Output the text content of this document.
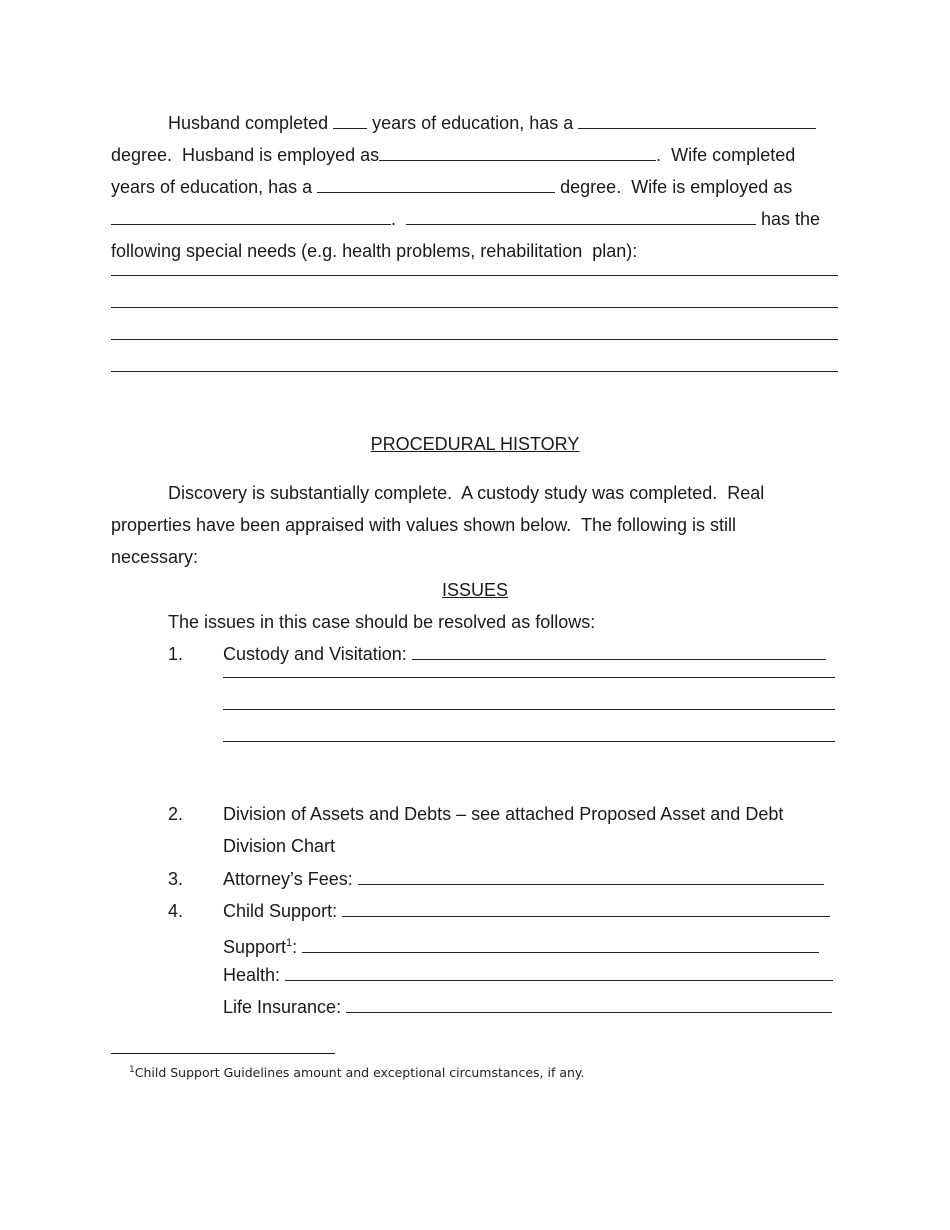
Husband completed  years of education, has a
degree.  Husband is employed as	.  Wife completed
years of education, has a	degree.  Wife is employed as
.	has the
following special needs (e.g. health problems, rehabilitation  plan):
PROCEDURAL HISTORY
Discovery is substantially complete.  A custody study was completed.  Real
properties have been appraised with values shown below.  The following is still
necessary:
ISSUES
The issues in this case should be resolved as follows:
1. Custody and Visitation:
2. Division of Assets and Debts – see attached Proposed Asset and Debt
Division Chart
3. Attorney’s Fees:
4. Child Support:
Support$^1$:
Health:
Life Insurance:
$^1$Child Support Guidelines amount and exceptional circumstances, if any.
